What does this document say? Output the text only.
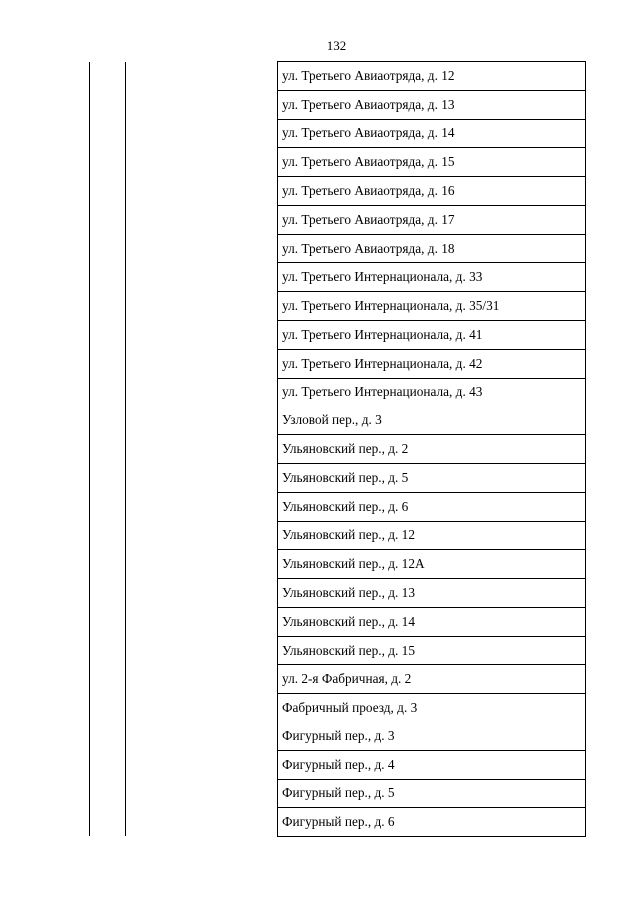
132
ул. Третьего Авиаотряда, д. 12
ул. Третьего Авиаотряда, д. 13
ул. Третьего Авиаотряда, д. 14
ул. Третьего Авиаотряда, д. 15
ул. Третьего Авиаотряда, д. 16
ул. Третьего Авиаотряда, д. 17
ул. Третьего Авиаотряда, д. 18
ул. Третьего Интернационала, д. 33
ул. Третьего Интернационала, д. 35/31
ул. Третьего Интернационала, д. 41
ул. Третьего Интернационала, д. 42
ул. Третьего Интернационала, д. 43
Узловой пер., д. 3
Ульяновский пер., д. 2
Ульяновский пер., д. 5
Ульяновский пер., д. 6
Ульяновский пер., д. 12
Ульяновский пер., д. 12А
Ульяновский пер., д. 13
Ульяновский пер., д. 14
Ульяновский пер., д. 15
ул. 2-я Фабричная, д. 2
Фабричный проезд, д. 3
Фигурный пер., д. 3
Фигурный пер., д. 4
Фигурный пер., д. 5
Фигурный пер., д. 6
